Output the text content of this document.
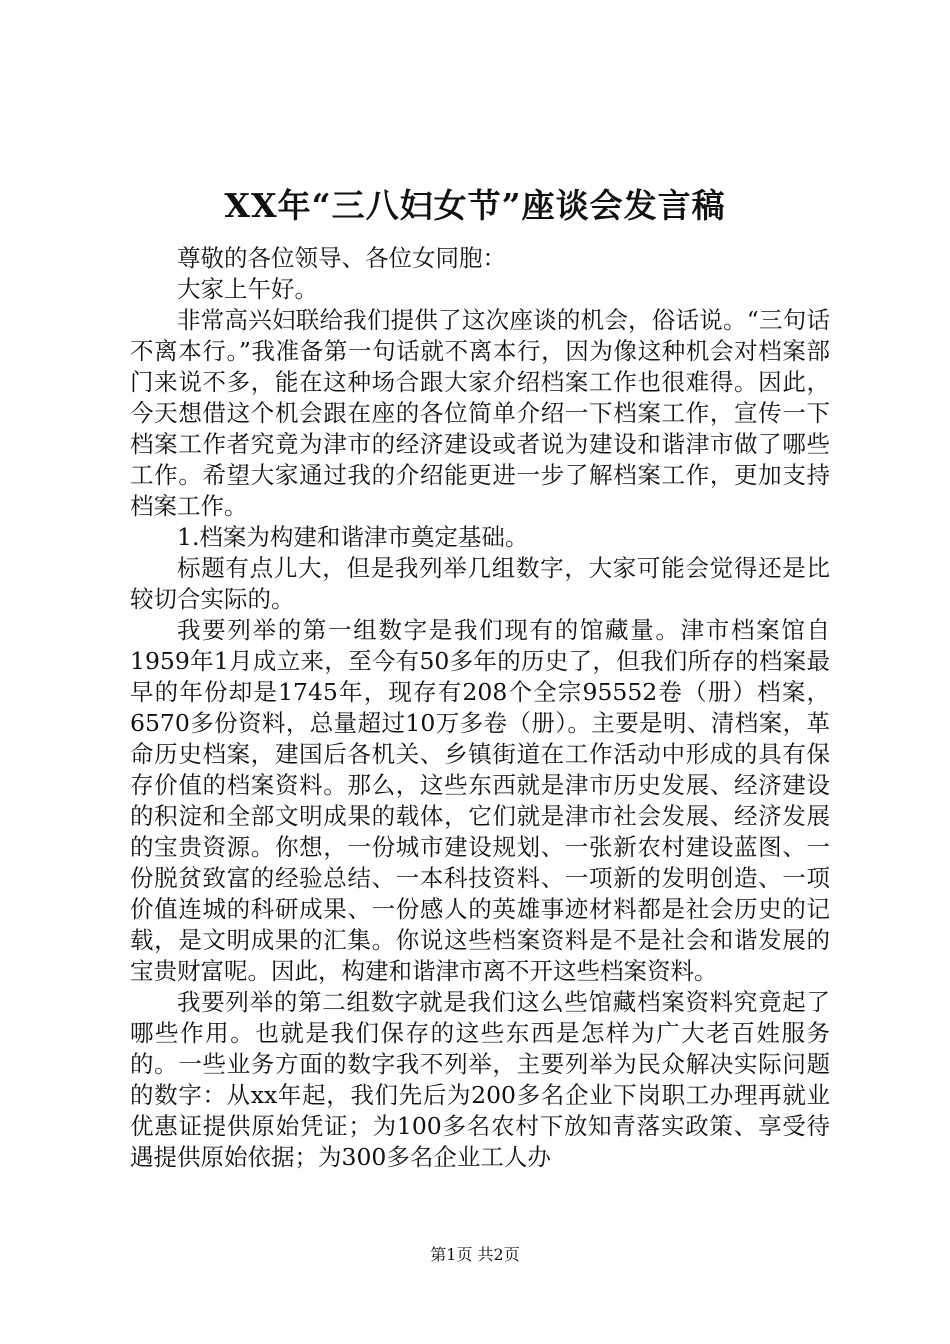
XX年“三八妇女节”座谈会发言稿

尊敬的各位领导、各位女同胞：

大家上午好。

非常高兴妇联给我们提供了这次座谈的机会，俗话说。“三句话不离本行。”我准备第一句话就不离本行，因为像这种机会对档案部门来说不多，能在这种场合跟大家介绍档案工作也很难得。因此，今天想借这个机会跟在座的各位简单介绍一下档案工作，宣传一下档案工作者究竟为津市的经济建设或者说为建设和谐津市做了哪些工作。希望大家通过我的介绍能更进一步了解档案工作，更加支持档案工作。

1.档案为构建和谐津市奠定基础。

标题有点儿大，但是我列举几组数字，大家可能会觉得还是比较切合实际的。

我要列举的第一组数字是我们现有的馆藏量。津市档案馆自1959年1月成立来，至今有50多年的历史了，但我们所存的档案最早的年份却是1745年，现存有208个全宗95552卷（册）档案，6570多份资料，总量超过10万多卷（册）。主要是明、清档案，革命历史档案，建国后各机关、乡镇街道在工作活动中形成的具有保存价值的档案资料。那么，这些东西就是津市历史发展、经济建设的积淀和全部文明成果的载体，它们就是津市社会发展、经济发展的宝贵资源。你想，一份城市建设规划、一张新农村建设蓝图、一份脱贫致富的经验总结、一本科技资料、一项新的发明创造、一项价值连城的科研成果、一份感人的英雄事迹材料都是社会历史的记载，是文明成果的汇集。你说这些档案资料是不是社会和谐发展的宝贵财富呢。因此，构建和谐津市离不开这些档案资料。

我要列举的第二组数字就是我们这么些馆藏档案资料究竟起了哪些作用。也就是我们保存的这些东西是怎样为广大老百姓服务的。一些业务方面的数字我不列举，主要列举为民众解决实际问题的数字：从xx年起，我们先后为200多名企业下岗职工办理再就业优惠证提供原始凭证；为100多名农村下放知青落实政策、享受待遇提供原始依据；为300多名企业工人办

第1页 共2页
